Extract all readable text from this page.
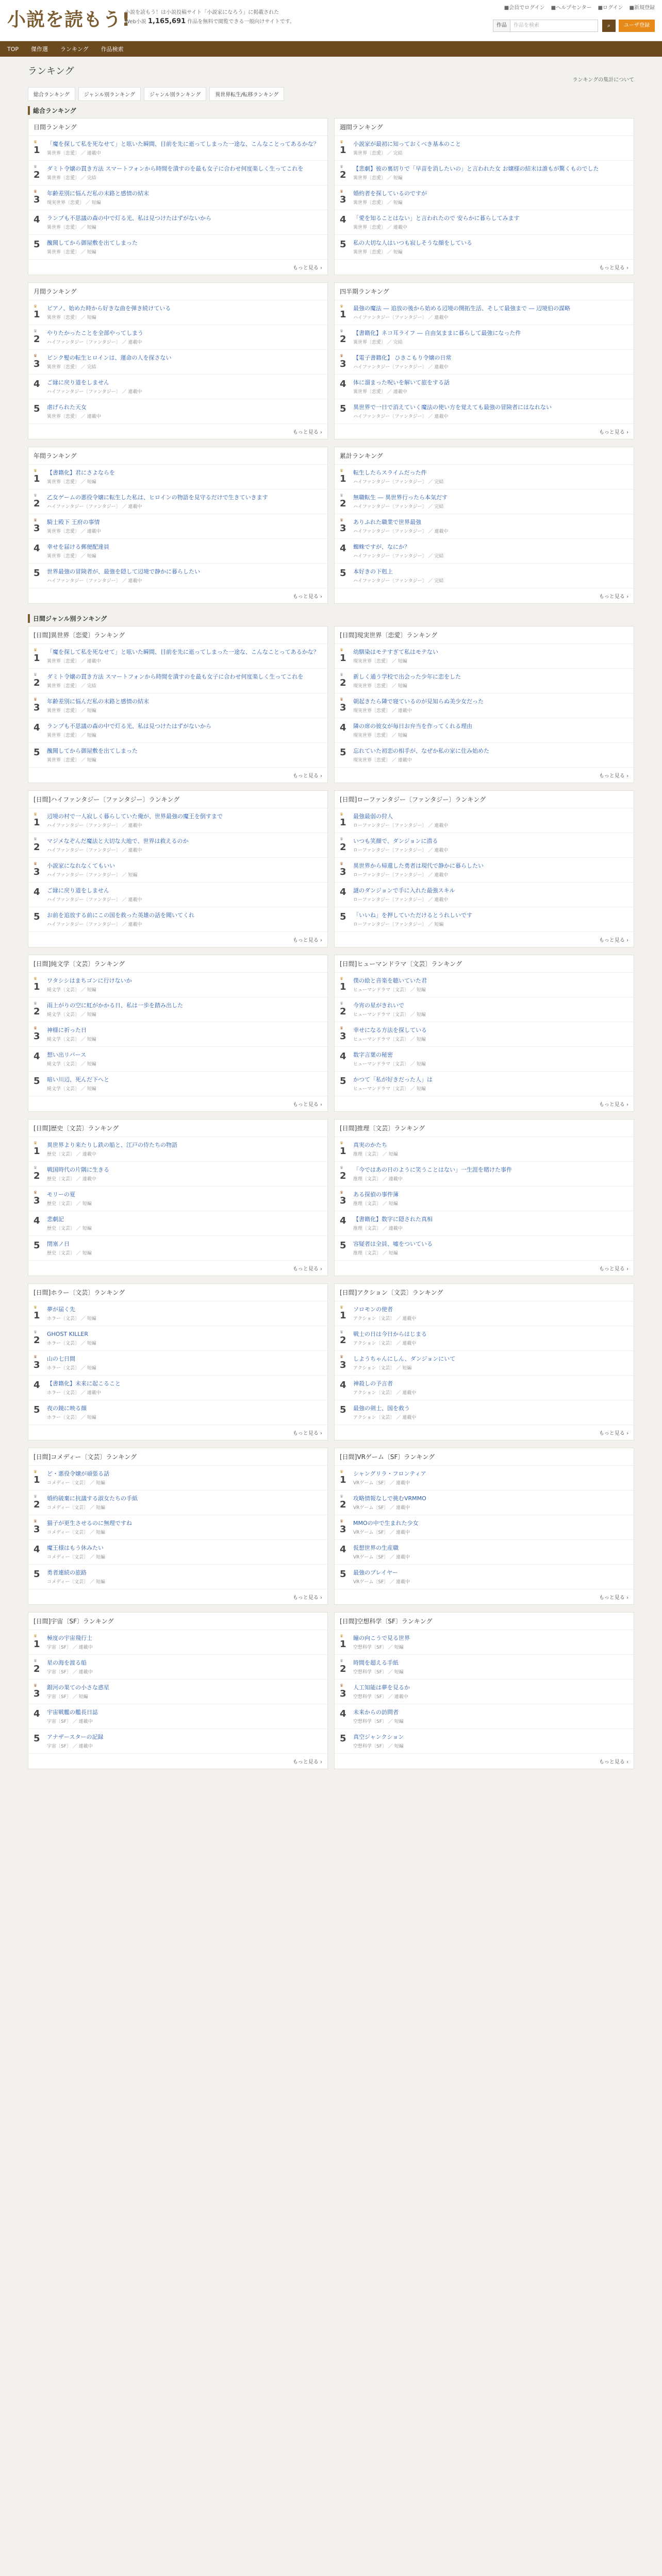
小説を読もう!
小説を読もう！は小説投稿サイト「小説家になろう」に掲載された
Web小説 1,165,691 作品を無料で閲覧できる一般向けサイトです。
■会員でログイン ■ヘルプセンター ■ログイン ■新規登録
作品	作品を検索	⌕	ユーザ登録
TOP 傑作選 ランキング 作品検索
ランキング
ランキングの集計について
総合ランキング	ジャンル別ランキング	ジャンル別ランキング	異世界転生/転移ランキング
総合ランキング
日間ランキング
♛
1
「魔を探して私を死なせて」と呟いた瞬間、目前を先に逝ってしまった一途な、こんなことってあるかな？
異世界〔恋愛〕 ／ 連載中
♛
2
ダミト令嬢の貫き方法 スマートフォンから時間を潰すのを最も女子に合わせ何度楽しく生ってこれを
異世界〔恋愛〕 ／ 完結
♛
3
年齢差別に悩んだ私の末路と感情の結末
現実世界〔恋愛〕 ／ 短編
4	ランプも不思議の森の中で灯る光、私は見つけたはずがないから
異世界〔恋愛〕 ／ 短編
5	醜聞してから御屋敷を出てしまった
異世界〔恋愛〕 ／ 短編
もっと見る ›
週間ランキング
♛
1
小説家が最初に知っておくべき基本のこと
異世界〔恋愛〕 ／ 完結
♛
2
【悲劇】彼の裏切りで「早苗を消したいの」と言われた女 お嬢様の結末は誰もが驚くものでした
異世界〔恋愛〕 ／ 短編
♛
3
婚約者を探しているのですが
異世界〔恋愛〕 ／ 短編
4	「愛を知ることはない」と言われたので 安らかに暮らしてみます
異世界〔恋愛〕 ／ 連載中
5	私の大切な人はいつも寂しそうな顔をしている
異世界〔恋愛〕 ／ 短編
もっと見る ›
月間ランキング
♛
1
ピアノ、始めた時から好きな曲を弾き続けている
異世界〔恋愛〕 ／ 短編
♛
2
やりたかったことを全部やってしまう
ハイファンタジー〔ファンタジー〕 ／ 連載中
♛
3
ピンク髪の転生ヒロインは、運命の人を探さない
異世界〔恋愛〕 ／ 完結
4	ご縁に戻り道をしません
ハイファンタジー〔ファンタジー〕 ／ 連載中
5	虐げられた天女
異世界〔恋愛〕 ／ 連載中
もっと見る ›
四半期ランキング
♛
1
最強の魔法 ― 追放の後から始める辺境の開拓生活、そして最強まで ― 辺境伯の謀略
ハイファンタジー〔ファンタジー〕 ／ 連載中
♛
2
【書籍化】ネコ耳ライフ ― 自由気ままに暮らして最強になった件
異世界〔恋愛〕 ／ 完結
♛
3
【電子書籍化】 ひきこもり令嬢の日常
ハイファンタジー〔ファンタジー〕 ／ 連載中
4	体に溜まった呪いを解いて旅をする話
異世界〔恋愛〕 ／ 連載中
5	異世界で一日で消えていく魔法の使い方を覚えても最強の冒険者にはなれない
ハイファンタジー〔ファンタジー〕 ／ 連載中
もっと見る ›
年間ランキング
♛
1
【書籍化】君にさよならを
異世界〔恋愛〕 ／ 短編
♛
2
乙女ゲームの悪役令嬢に転生した私は、ヒロインの物語を見守るだけで生きていきます
ハイファンタジー〔ファンタジー〕 ／ 連載中
♛
3
騎士殿下 王府の事情
異世界〔恋愛〕 ／ 連載中
4	幸せを届ける郵便配達員
異世界〔恋愛〕 ／ 短編
5	世界最強の冒険者が、最強を隠して辺境で静かに暮らしたい
ハイファンタジー〔ファンタジー〕 ／ 連載中
もっと見る ›
累計ランキング
♛
1
転生したらスライムだった件
ハイファンタジー〔ファンタジー〕 ／ 完結
♛
2
無職転生 ― 異世界行ったら本気だす
ハイファンタジー〔ファンタジー〕 ／ 完結
♛
3
ありふれた職業で世界最強
ハイファンタジー〔ファンタジー〕 ／ 連載中
4	蜘蛛ですが、なにか？
ハイファンタジー〔ファンタジー〕 ／ 完結
5	本好きの下剋上
ハイファンタジー〔ファンタジー〕 ／ 完結
もっと見る ›
日間ジャンル別ランキング
[日間]異世界〔恋愛〕ランキング
♛
1
「魔を探して私を死なせて」と呟いた瞬間、目前を先に逝ってしまった一途な、こんなことってあるかな？
異世界〔恋愛〕 ／ 連載中
♛
2
ダミト令嬢の貫き方法 スマートフォンから時間を潰すのを最も女子に合わせ何度楽しく生ってこれを
異世界〔恋愛〕 ／ 完結
♛
3
年齢差別に悩んだ私の末路と感情の結末
異世界〔恋愛〕 ／ 短編
4	ランプも不思議の森の中で灯る光、私は見つけたはずがないから
異世界〔恋愛〕 ／ 短編
5	醜聞してから御屋敷を出てしまった
異世界〔恋愛〕 ／ 短編
もっと見る ›
[日間]現実世界〔恋愛〕ランキング
♛
1
幼馴染はモテすぎて私はモテない
現実世界〔恋愛〕 ／ 短編
♛
2
新しく通う学校で出会った少年に恋をした
現実世界〔恋愛〕 ／ 短編
♛
3
朝起きたら隣で寝ているのが見知らぬ美少女だった
現実世界〔恋愛〕 ／ 連載中
4	隣の席の彼女が毎日お弁当を作ってくれる理由
現実世界〔恋愛〕 ／ 短編
5	忘れていた初恋の相手が、なぜか私の家に住み始めた
現実世界〔恋愛〕 ／ 連載中
もっと見る ›
[日間]ハイファンタジー〔ファンタジー〕ランキング
♛
1
辺境の村で一人寂しく暮らしていた俺が、世界最強の魔王を倒すまで
ハイファンタジー〔ファンタジー〕 ／ 連載中
♛
2
マジメなぞんだ魔法と大切な大地で、世界は救えるのか
ハイファンタジー〔ファンタジー〕 ／ 連載中
♛
3
小説家になれなくてもいい
ハイファンタジー〔ファンタジー〕 ／ 短編
4	ご縁に戻り道をしません
ハイファンタジー〔ファンタジー〕 ／ 連載中
5	お前を追放する前にこの国を救った英雄の話を聞いてくれ
ハイファンタジー〔ファンタジー〕 ／ 連載中
もっと見る ›
[日間]ローファンタジー〔ファンタジー〕ランキング
♛
1
最強最弱の狩人
ローファンタジー〔ファンタジー〕 ／ 連載中
♛
2
いつも笑顔で、ダンジョンに潜る
ローファンタジー〔ファンタジー〕 ／ 連載中
♛
3
異世界から帰還した勇者は現代で静かに暮らしたい
ローファンタジー〔ファンタジー〕 ／ 連載中
4	謎のダンジョンで手に入れた最強スキル
ローファンタジー〔ファンタジー〕 ／ 連載中
5	「いいね」を押していただけるとうれしいです
ローファンタジー〔ファンタジー〕 ／ 短編
もっと見る ›
[日間]純文学〔文芸〕ランキング
♛
1
ワタシシはまちゴンに行けないか
純文学〔文芸〕 ／ 短編
♛
2
雨上がりの空に虹がかかる日、私は一歩を踏み出した
純文学〔文芸〕 ／ 短編
♛
3
神様に祈った日
純文学〔文芸〕 ／ 短編
4	想い出リバース
純文学〔文芸〕 ／ 短編
5	暗い川辺、死んだ下へと
純文学〔文芸〕 ／ 短編
もっと見る ›
[日間]ヒューマンドラマ〔文芸〕ランキング
♛
1
僕の絵と音楽を聴いていた君
ヒューマンドラマ〔文芸〕 ／ 短編
♛
2
今宵の星がきれいで
ヒューマンドラマ〔文芸〕 ／ 短編
♛
3
幸せになる方法を探している
ヒューマンドラマ〔文芸〕 ／ 短編
4	数字言葉の秘密
ヒューマンドラマ〔文芸〕 ／ 短編
5	かつて「私が好きだった人」は
ヒューマンドラマ〔文芸〕 ／ 短編
もっと見る ›
[日間]歴史〔文芸〕ランキング
♛
1
異世界より来たりし鉄の船と、江戸の侍たちの物語
歴史〔文芸〕 ／ 連載中
♛
2
戦国時代の片隅に生きる
歴史〔文芸〕 ／ 連載中
♛
3
モリーの夏
歴史〔文芸〕 ／ 短編
4	悲劇記
歴史〔文芸〕 ／ 短編
5	閉塞ノ日
歴史〔文芸〕 ／ 短編
もっと見る ›
[日間]推理〔文芸〕ランキング
♛
1
真実のかたち
推理〔文芸〕 ／ 短編
♛
2
「今ではあの日のように笑うことはない」一生涯を賭けた事件
推理〔文芸〕 ／ 連載中
♛
3
ある探偵の事件簿
推理〔文芸〕 ／ 短編
4	【書籍化】数字に隠された真相
推理〔文芸〕 ／ 連載中
5	容疑者は全員、嘘をついている
推理〔文芸〕 ／ 短編
もっと見る ›
[日間]ホラー〔文芸〕ランキング
♛
1
夢が届く先
ホラー〔文芸〕 ／ 短編
♛
2
GHOST KILLER
ホラー〔文芸〕 ／ 短編
♛
3
山の七日間
ホラー〔文芸〕 ／ 短編
4	【書籍化】未来に起こること
ホラー〔文芸〕 ／ 連載中
5	夜の鏡に映る顔
ホラー〔文芸〕 ／ 短編
もっと見る ›
[日間]アクション〔文芸〕ランキング
♛
1
ソロモンの使者
アクション〔文芸〕 ／ 連載中
♛
2
戦士の日は今日からはじまる
アクション〔文芸〕 ／ 連載中
♛
3
しようちゃんにしん、ダンジョンにいて
アクション〔文芸〕 ／ 短編
4	神殺しの予言者
アクション〔文芸〕 ／ 連載中
5	最強の剣士、国を救う
アクション〔文芸〕 ／ 連載中
もっと見る ›
[日間]コメディー〔文芸〕ランキング
♛
1
ど・悪役令嬢が頑張る話
コメディー〔文芸〕 ／ 短編
♛
2
婚約破棄に抗議する淑女たちの手紙
コメディー〔文芸〕 ／ 短編
♛
3
猫子が更生させるのに無理ですね
コメディー〔文芸〕 ／ 短編
4	魔王様はもう休みたい
コメディー〔文芸〕 ／ 短編
5	勇者連続の旅路
コメディー〔文芸〕 ／ 短編
もっと見る ›
[日間]VRゲーム〔SF〕ランキング
♛
1
シャングリラ・フロンティア
VRゲーム〔SF〕 ／ 連載中
♛
2
攻略情報なしで挑むVRMMO
VRゲーム〔SF〕 ／ 連載中
♛
3
MMOの中で生まれた少女
VRゲーム〔SF〕 ／ 連載中
4	仮想世界の生産職
VRゲーム〔SF〕 ／ 連載中
5	最強のプレイヤー
VRゲーム〔SF〕 ／ 連載中
もっと見る ›
[日間]宇宙〔SF〕ランキング
♛
1
極度の宇宙飛行士
宇宙〔SF〕 ／ 連載中
♛
2
星の海を渡る船
宇宙〔SF〕 ／ 連載中
♛
3
銀河の果ての小さな惑星
宇宙〔SF〕 ／ 短編
4	宇宙戦艦の艦長日誌
宇宙〔SF〕 ／ 連載中
5	アナザースターの記録
宇宙〔SF〕 ／ 連載中
もっと見る ›
[日間]空想科学〔SF〕ランキング
♛
1
瞳の向こうで見る世界
空想科学〔SF〕 ／ 短編
♛
2
時間を超える手紙
空想科学〔SF〕 ／ 短編
♛
3
人工知能は夢を見るか
空想科学〔SF〕 ／ 連載中
4	未来からの訪問者
空想科学〔SF〕 ／ 短編
5	真空ジャンクション
空想科学〔SF〕 ／ 短編
もっと見る ›
